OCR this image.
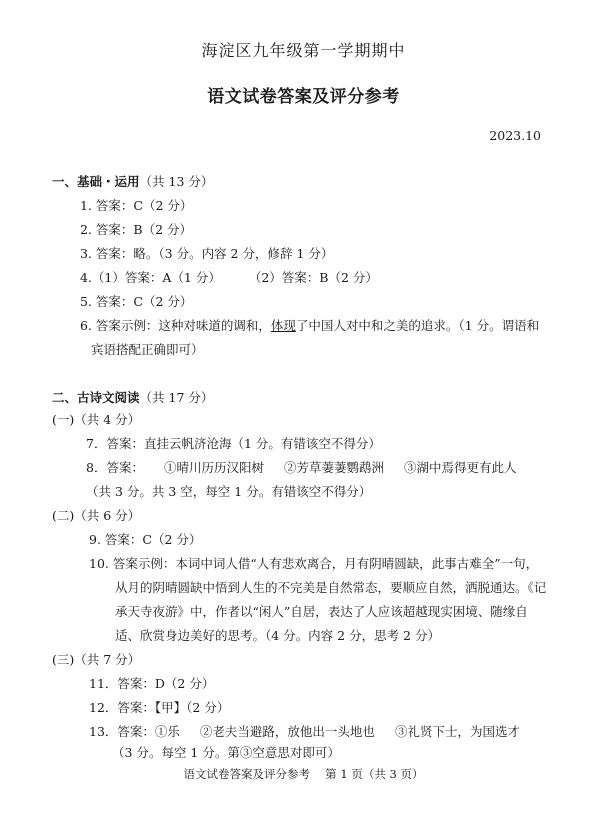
海淀区九年级第一学期期中
语文试卷答案及评分参考
2023.10
一、基础・运用（共 13 分）
1. 答案：C（2 分）
2. 答案：B（2 分）
3. 答案：略。（3 分。内容 2 分，修辞 1 分）
4.（1）答案：A（1 分） （2）答案：B（2 分）
5. 答案：C（2 分）
6. 答案示例：这种对味道的调和，体现了中国人对中和之美的追求。（1 分。谓语和
宾语搭配正确即可）
二、古诗文阅读（共 17 分）
(一)（共 4 分）
7．答案：直挂云帆济沧海（1 分。有错该空不得分）
8．答案： ①晴川历历汉阳树 ②芳草萋萋鹦鹉洲 ③湖中焉得更有此人
（共 3 分。共 3 空，每空 1 分。有错该空不得分）
(二)（共 6 分）
9. 答案：C（2 分）
10. 答案示例：本词中词人借“人有悲欢离合，月有阴晴圆缺，此事古难全”一句，
从月的阴晴圆缺中悟到人生的不完美是自然常态，要顺应自然，洒脱通达。《记
承天寺夜游》中，作者以“闲人”自居，表达了人应该超越现实困境、随缘自
适、欣赏身边美好的思考。（4 分。内容 2 分，思考 2 分）
(三)（共 7 分）
11．答案：D（2 分）
12．答案：【甲】（2 分）
13．答案：①乐 ②老夫当避路，放他出一头地也 ③礼贤下士，为国选才
（3 分。每空 1 分。第③空意思对即可）
语文试卷答案及评分参考　 第 1 页（共 3 页）
